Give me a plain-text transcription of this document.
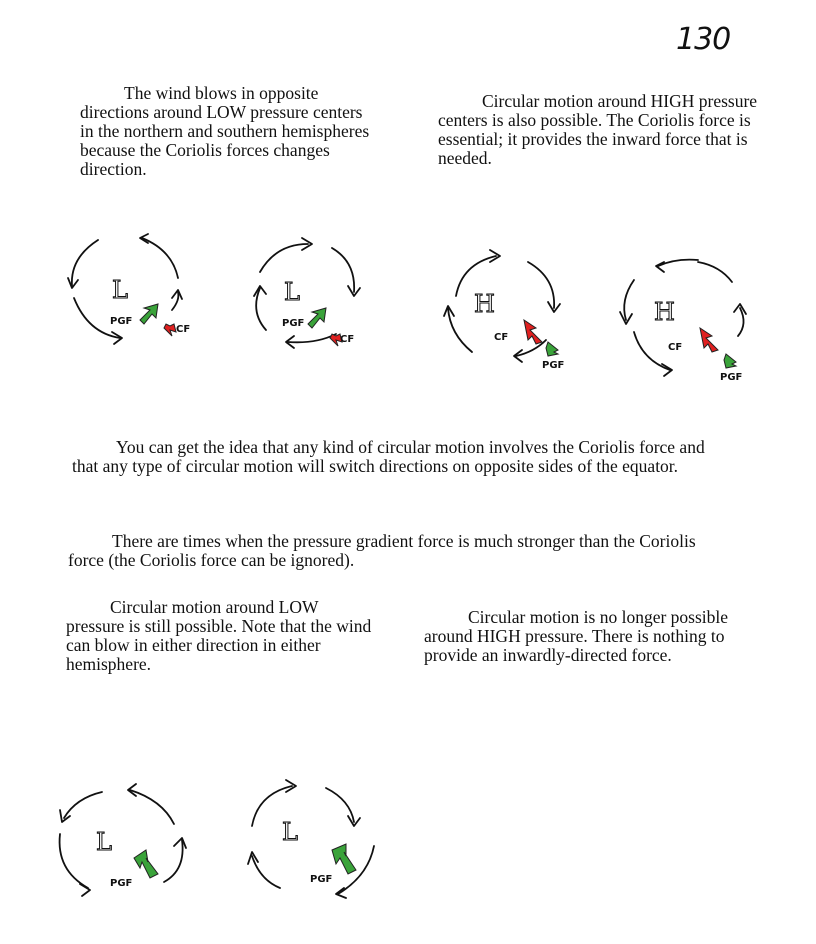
130

The wind blows in opposite directions around LOW pressure centers in the northern and southern hemispheres because the Coriolis forces changes direction.

Circular motion around HIGH pressure centers is also possible. The Coriolis force is essential; it provides the inward force that is needed.

L
PGF
CF
L
PGF
CF
H
CF
PGF
H
CF
PGF

You can get the idea that any kind of circular motion involves the Coriolis force and that any type of circular motion will switch directions on opposite sides of the equator.

There are times when the pressure gradient force is much stronger than the Coriolis force (the Coriolis force can be ignored).

Circular motion around LOW pressure is still possible. Note that the wind can blow in either direction in either hemisphere.

Circular motion is no longer possible around HIGH pressure. There is nothing to provide an inwardly-directed force.

L
PGF
L
PGF
